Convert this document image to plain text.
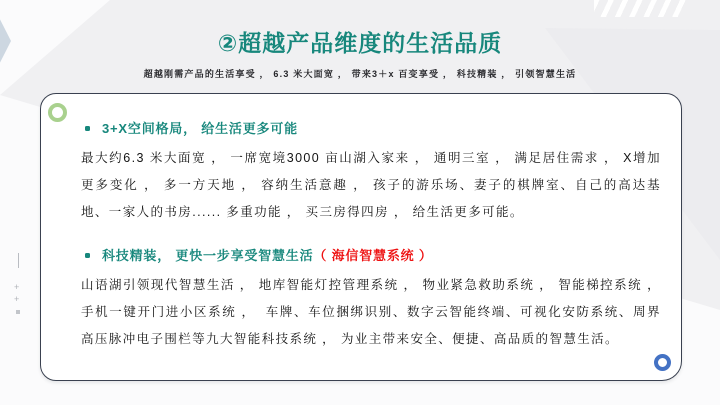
②超越产品维度的生活品质
超越刚需产品的生活享受 ， 6.3 米大面宽 ， 带来3＋x 百变享受 ， 科技精装 ， 引领智慧生活
+
+
3+X空间格局， 给生活更多可能

最大约6.3 米大面宽 ， 一席宽境3000 亩山湖入家来 ， 通明三室 ， 满足居住需求 ， X增加更多变化 ， 多一方天地 ， 容纳生活意趣 ， 孩子的游乐场、妻子的棋牌室、自己的高达基地、一家人的书房...... 多重功能 ， 买三房得四房 ， 给生活更多可能。

科技精装， 更快一步享受智慧生活（ 海信智慧系统 ）

山语湖引领现代智慧生活 ， 地库智能灯控管理系统 ， 物业紧急救助系统 ， 智能梯控系统 ， 手机一键开门进小区系统 ，  车牌、车位捆绑识别、数字云智能终端、可视化安防系统、周界高压脉冲电子围栏等九大智能科技系统 ， 为业主带来安全、便捷、高品质的智慧生活。
